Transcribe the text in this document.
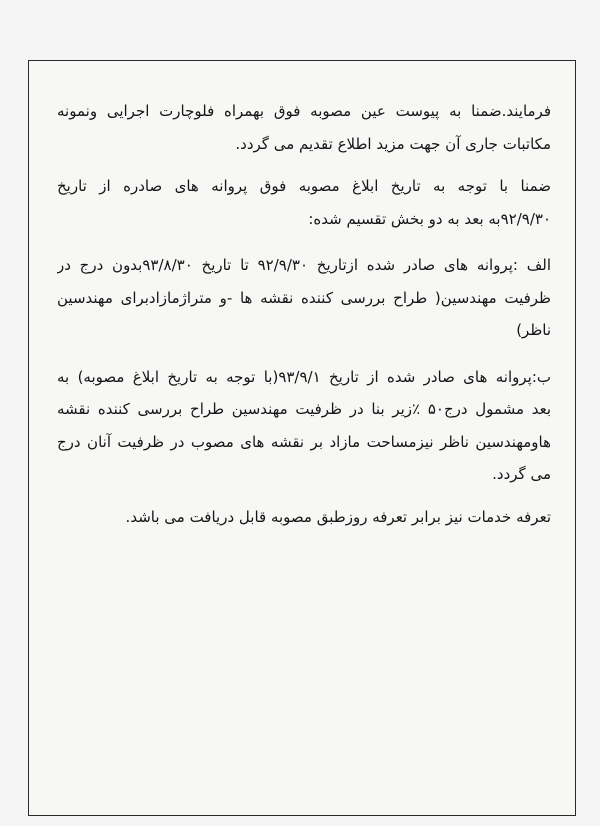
فرمایند.ضمنا به پیوست عین مصوبه فوق بهمراه فلوچارت اجرایی ونمونه
مکاتبات جاری آن جهت مزید اطلاع تقدیم می گردد.
ضمنا با توجه به تاریخ ابلاغ مصوبه فوق پروانه های صادره از تاریخ
۹۲/۹/۳۰به بعد به دو بخش تقسیم شده:
الف :پروانه های صادر شده ازتاریخ ۹۲/۹/۳۰ تا تاریخ ۹۳/۸/۳۰بدون درج در
ظرفیت مهندسین( طراح بررسی کننده نقشه ها -و متراژمازادبرای مهندسین
ناظر)
ب:پروانه های صادر شده از تاریخ ۹۳/۹/۱(با توجه به تاریخ ابلاغ مصوبه) به
بعد مشمول درج۵۰ ٪زیر بنا در ظرفیت مهندسین طراح بررسی کننده نقشه
هاومهندسین ناظر نیزمساحت مازاد بر نقشه های مصوب در ظرفیت آنان درج
می گردد.
تعرفه خدمات نیز برابر تعرفه روزطبق مصوبه قابل دریافت می باشد.
